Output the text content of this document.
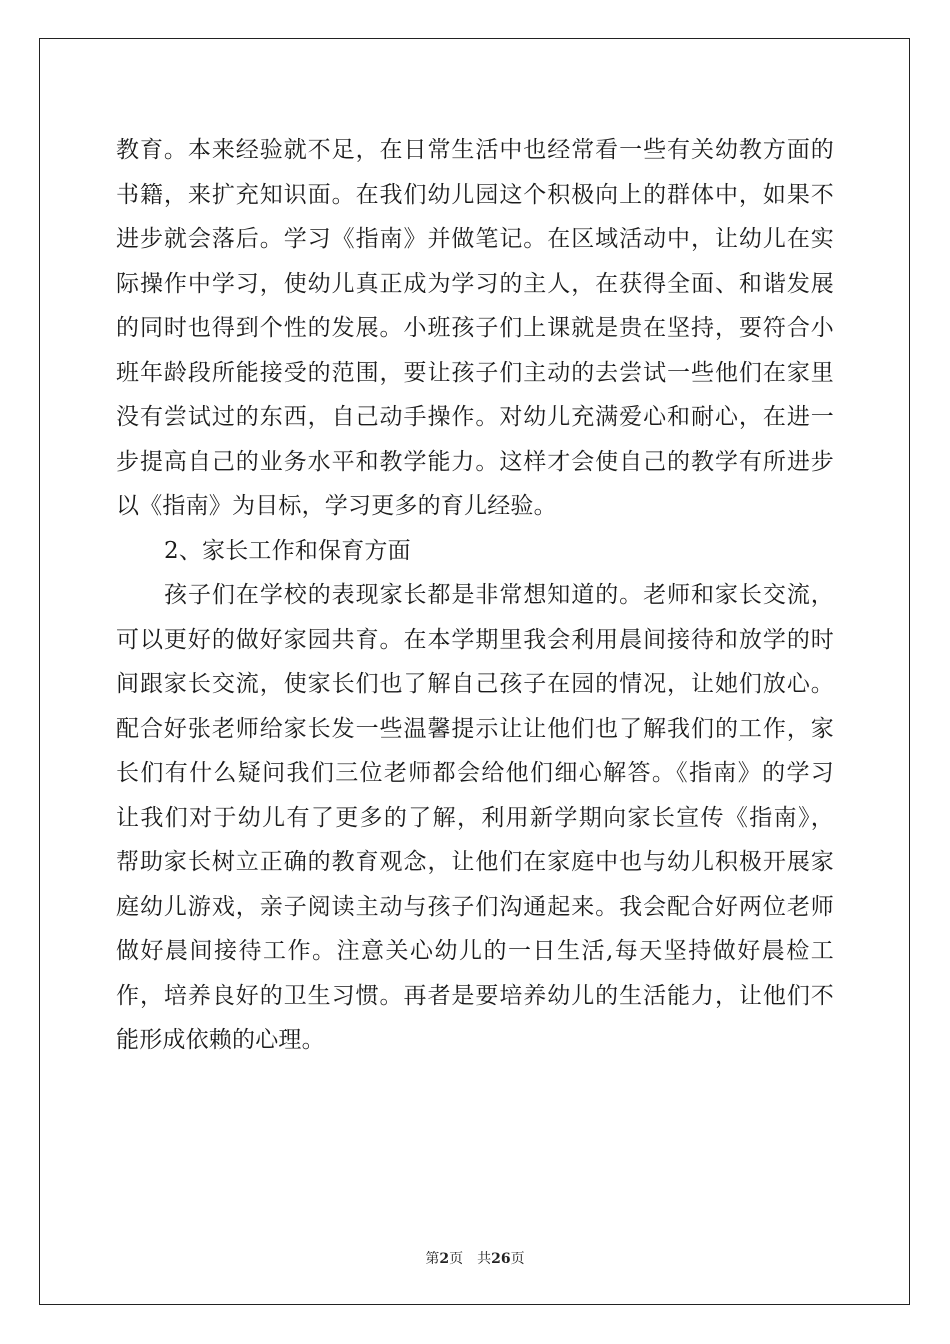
教育。本来经验就不足，在日常生活中也经常看一些有关幼教方面的
书籍，来扩充知识面。在我们幼儿园这个积极向上的群体中，如果不
进步就会落后。学习《指南》并做笔记。在区域活动中，让幼儿在实
际操作中学习，使幼儿真正成为学习的主人，在获得全面、和谐发展
的同时也得到个性的发展。小班孩子们上课就是贵在坚持，要符合小
班年龄段所能接受的范围，要让孩子们主动的去尝试一些他们在家里
没有尝试过的东西，自己动手操作。对幼儿充满爱心和耐心，在进一
步提高自己的业务水平和教学能力。这样才会使自己的教学有所进步
以《指南》为目标，学习更多的育儿经验。
2、家长工作和保育方面
孩子们在学校的表现家长都是非常想知道的。老师和家长交流，
可以更好的做好家园共育。在本学期里我会利用晨间接待和放学的时
间跟家长交流，使家长们也了解自己孩子在园的情况，让她们放心。
配合好张老师给家长发一些温馨提示让让他们也了解我们的工作，家
长们有什么疑问我们三位老师都会给他们细心解答。《指南》的学习
让我们对于幼儿有了更多的了解，利用新学期向家长宣传《指南》，
帮助家长树立正确的教育观念，让他们在家庭中也与幼儿积极开展家
庭幼儿游戏，亲子阅读主动与孩子们沟通起来。我会配合好两位老师
做好晨间接待工作。注意关心幼儿的一日生活,每天坚持做好晨检工
作，培养良好的卫生习惯。再者是要培养幼儿的生活能力，让他们不
能形成依赖的心理。
第2页　共26页
